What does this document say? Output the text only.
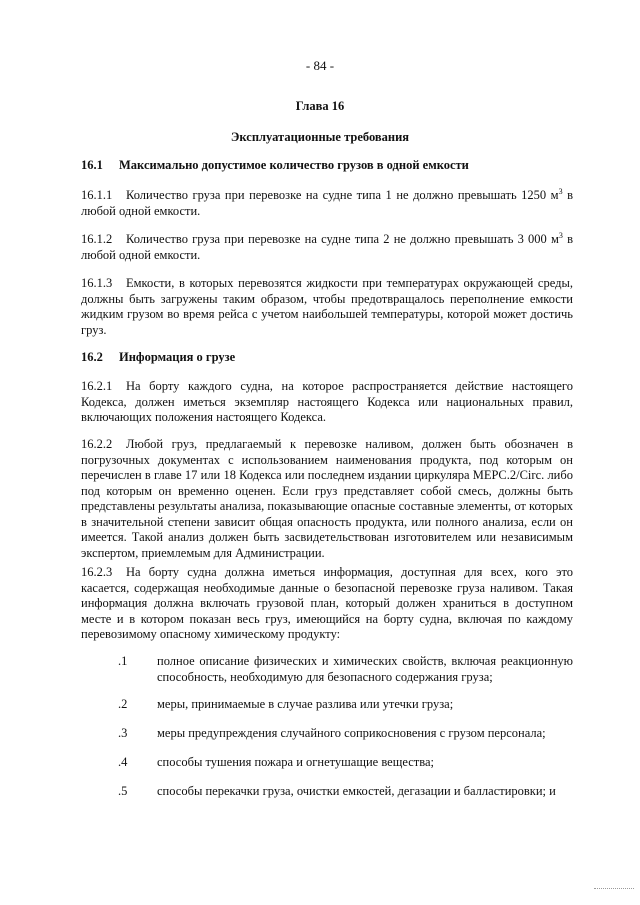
- 84 -
Глава 16
Эксплуатационные требования
16.1 Максимально допустимое количество грузов в одной емкости
16.1.1 Количество груза при перевозке на судне типа 1 не должно превышать 1250 $м^3$ в любой одной емкости.
16.1.2 Количество груза при перевозке на судне типа 2 не должно превышать 3 000 $м^3$ в любой одной емкости.
16.1.3 Емкости, в которых перевозятся жидкости при температурах окружающей среды, должны быть загружены таким образом, чтобы предотвращалось переполнение емкости жидким грузом во время рейса с учетом наибольшей температуры, которой может достичь груз.
16.2 Информация о грузе
16.2.1 На борту каждого судна, на которое распространяется действие настоящего Кодекса, должен иметься экземпляр настоящего Кодекса или национальных правил, включающих положения настоящего Кодекса.
16.2.2 Любой груз, предлагаемый к перевозке наливом, должен быть обозначен в погрузочных документах с использованием наименования продукта, под которым он перечислен в главе 17 или 18 Кодекса или последнем издании циркуляра MEPC.2/Circ. либо под которым он временно оценен. Если груз представляет собой смесь, должны быть представлены результаты анализа, показывающие опасные составные элементы, от которых в значительной степени зависит общая опасность продукта, или полного анализа, если он имеется. Такой анализ должен быть засвидетельствован изготовителем или независимым экспертом, приемлемым для Администрации.
16.2.3 На борту судна должна иметься информация, доступная для всех, кого это касается, содержащая необходимые данные о безопасной перевозке груза наливом. Такая информация должна включать грузовой план, который должен храниться в доступном месте и в котором показан весь груз, имеющийся на борту судна, включая по каждому перевозимому опасному химическому продукту:
.1	полное описание физических и химических свойств, включая реакционную способность, необходимую для безопасного содержания груза;
.2	меры, принимаемые в случае разлива или утечки груза;
.3	меры предупреждения случайного соприкосновения с грузом персонала;
.4	способы тушения пожара и огнетушащие вещества;
.5	способы перекачки груза, очистки емкостей, дегазации и балластировки; и
